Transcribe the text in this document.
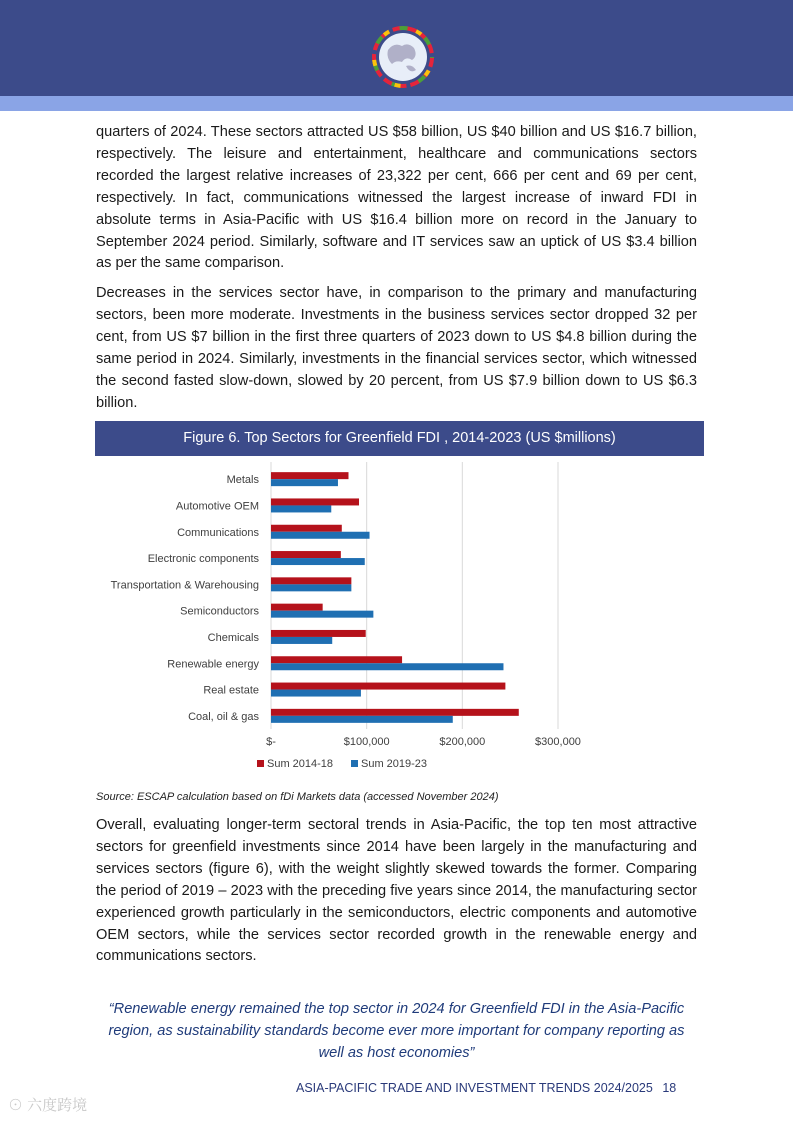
quarters of 2024. These sectors attracted US $58 billion, US $40 billion and US $16.7 billion, respectively. The leisure and entertainment, healthcare and communications sectors recorded the largest relative increases of 23,322 per cent, 666 per cent and 69 per cent, respectively. In fact, communications witnessed the largest increase of inward FDI in absolute terms in Asia-Pacific with US $16.4 billion more on record in the January to September 2024 period. Similarly, software and IT services saw an uptick of US $3.4 billion as per the same comparison.

Decreases in the services sector have, in comparison to the primary and manufacturing sectors, been more moderate. Investments in the business services sector dropped 32 per cent, from US $7 billion in the first three quarters of 2023 down to US $4.8 billion during the same period in 2024. Similarly, investments in the financial services sector, which witnessed the second fasted slow-down, slowed by 20 percent, from US $7.9 billion down to US $6.3 billion.

Figure 6. Top Sectors for Greenfield FDI , 2014-2023 (US $millions)
Metals
Automotive OEM
Communications
Electronic components
Transportation & Warehousing
Semiconductors
Chemicals
Renewable energy
Real estate
Coal, oil & gas
$-	$100,000	$200,000	$300,000
Sum 2014-18	Sum 2019-23

Source: ESCAP calculation based on fDi Markets data (accessed November 2024)

Overall, evaluating longer-term sectoral trends in Asia-Pacific, the top ten most attractive sectors for greenfield investments since 2014 have been largely in the manufacturing and services sectors (figure 6), with the weight slightly skewed towards the former. Comparing the period of 2019 – 2023 with the preceding five years since 2014, the manufacturing sector experienced growth particularly in the semiconductors, electric components and automotive OEM sectors, while the services sector recorded growth in the renewable energy and communications sectors.

“Renewable energy remained the top sector in 2024 for Greenfield FDI in the Asia-Pacific region, as sustainability standards become ever more important for company reporting as well as host economies”

ASIA-PACIFIC TRADE AND INVESTMENT TRENDS 2024/2025 18
⊙ 六度跨境
